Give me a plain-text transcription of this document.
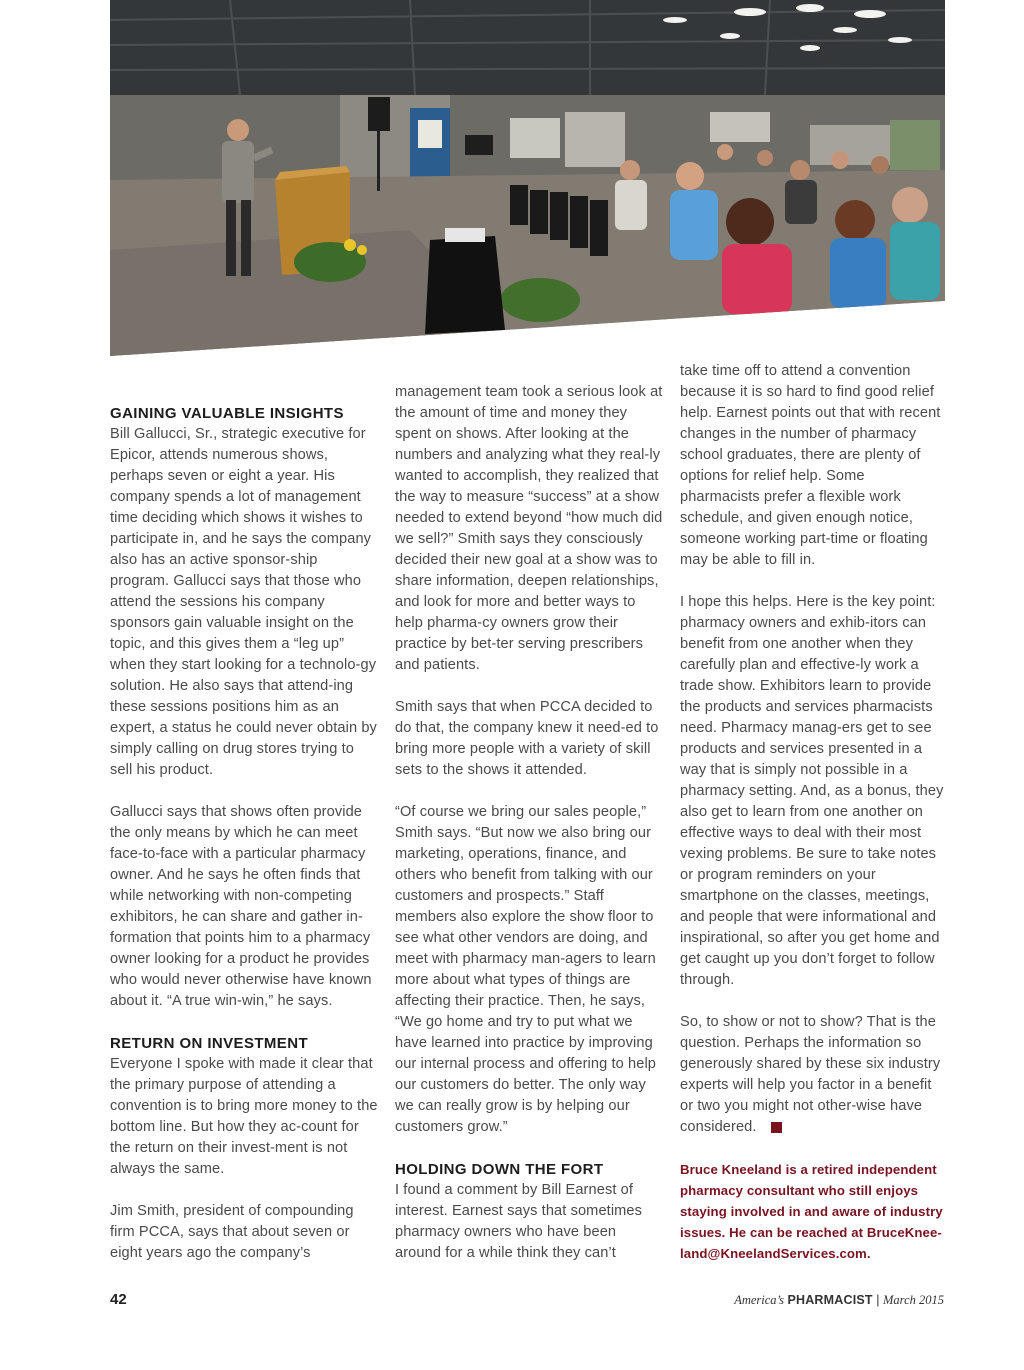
GAINING VALUABLE INSIGHTS

Bill Gallucci, Sr., strategic executive for Epicor, attends numerous shows, perhaps seven or eight a year. His company spends a lot of management time deciding which shows it wishes to participate in, and he says the company also has an active sponsor-ship program. Gallucci says that those who attend the sessions his company sponsors gain valuable insight on the topic, and this gives them a “leg up” when they start looking for a technolo-gy solution. He also says that attend-ing these sessions positions him as an expert, a status he could never obtain by simply calling on drug stores trying to sell his product.

Gallucci says that shows often provide the only means by which he can meet face-to-face with a particular pharmacy owner. And he says he often finds that while networking with non-competing exhibitors, he can share and gather in-formation that points him to a pharmacy owner looking for a product he provides who would never otherwise have known about it. “A true win-win,” he says.

RETURN ON INVESTMENT

Everyone I spoke with made it clear that the primary purpose of attending a convention is to bring more money to the bottom line. But how they ac-count for the return on their invest-ment is not always the same.

Jim Smith, president of compounding firm PCCA, says that about seven or eight years ago the company’s

management team took a serious look at the amount of time and money they spent on shows. After looking at the numbers and analyzing what they real-ly wanted to accomplish, they realized that the way to measure “success” at a show needed to extend beyond “how much did we sell?” Smith says they consciously decided their new goal at a show was to share information, deepen relationships, and look for more and better ways to help pharma-cy owners grow their practice by bet-ter serving prescribers and patients.

Smith says that when PCCA decided to do that, the company knew it need-ed to bring more people with a variety of skill sets to the shows it attended.

“Of course we bring our sales people,” Smith says. “But now we also bring our marketing, operations, finance, and others who benefit from talking with our customers and prospects.” Staff members also explore the show floor to see what other vendors are doing, and meet with pharmacy man-agers to learn more about what types of things are affecting their practice. Then, he says, “We go home and try to put what we have learned into practice by improving our internal process and offering to help our customers do better. The only way we can really grow is by helping our customers grow.”

HOLDING DOWN THE FORT

I found a comment by Bill Earnest of interest. Earnest says that sometimes pharmacy owners who have been around for a while think they can’t

take time off to attend a convention because it is so hard to find good relief help. Earnest points out that with recent changes in the number of pharmacy school graduates, there are plenty of options for relief help. Some pharmacists prefer a flexible work schedule, and given enough notice, someone working part-time or floating may be able to fill in.

I hope this helps. Here is the key point: pharmacy owners and exhib-itors can benefit from one another when they carefully plan and effective-ly work a trade show. Exhibitors learn to provide the products and services pharmacists need. Pharmacy manag-ers get to see products and services presented in a way that is simply not possible in a pharmacy setting. And, as a bonus, they also get to learn from one another on effective ways to deal with their most vexing problems. Be sure to take notes or program reminders on your smartphone on the classes, meetings, and people that were informational and inspirational, so after you get home and get caught up you don’t forget to follow through.

So, to show or not to show? That is the question. Perhaps the information so generously shared by these six industry experts will help you factor in a benefit or two you might not other-wise have considered.

Bruce Kneeland is a retired independent pharmacy consultant who still enjoys staying involved in and aware of industry issues. He can be reached at BruceKnee-land@KneelandServices.com.

42	America’s PHARMACIST | March 2015
